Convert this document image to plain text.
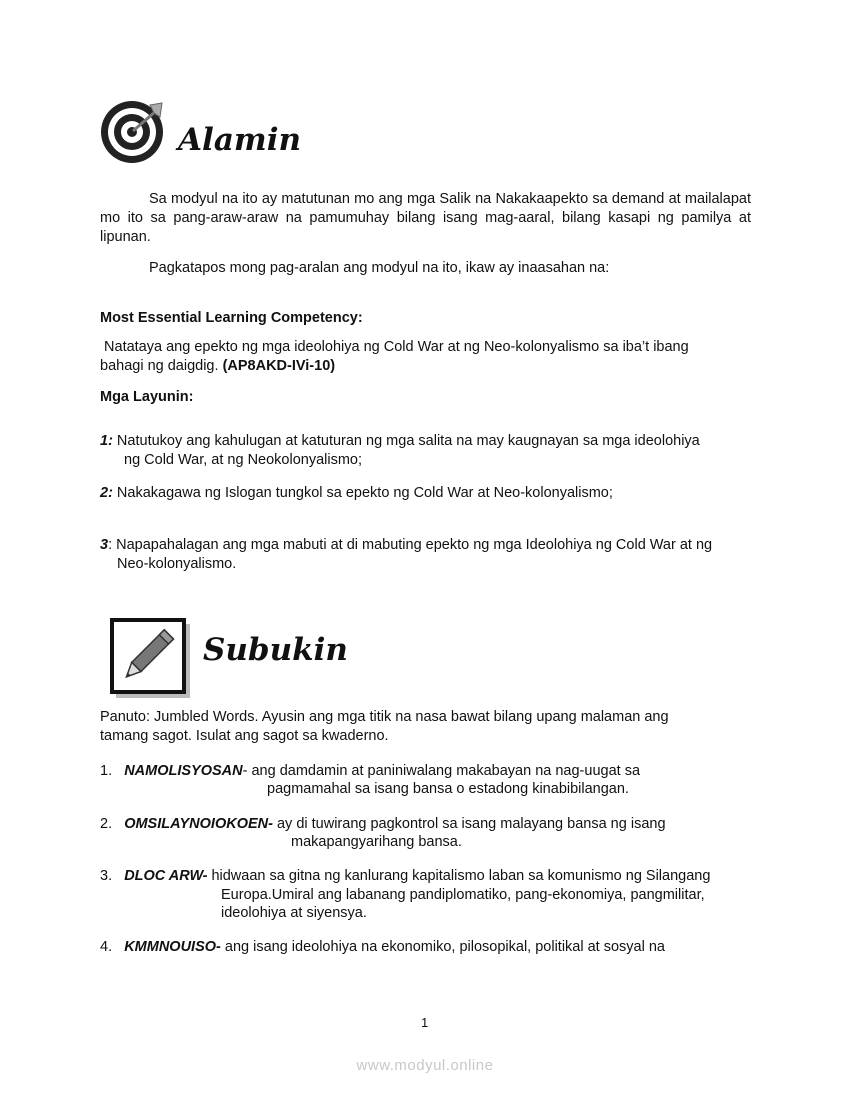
Alamin
Sa modyul na ito ay matutunan mo ang mga Salik na Nakakaapekto sa demand at mailalapat mo ito sa pang-araw-araw na pamumuhay bilang isang mag-aaral, bilang kasapi ng pamilya at lipunan.
Pagkatapos mong pag-aralan ang modyul na ito, ikaw ay inaasahan na:
Most Essential Learning Competency:
Natataya ang epekto ng mga ideolohiya ng Cold War at ng Neo-kolonyalismo sa iba’t ibang
bahagi ng daigdig. (AP8AKD-IVi-10)
Mga Layunin:
1: Natutukoy ang kahulugan at katuturan ng mga salita na may kaugnayan sa mga ideolohiya
ng Cold War, at ng Neokolonyalismo;
2: Nakakagawa ng Islogan tungkol sa epekto ng Cold War at Neo-kolonyalismo;
3: Napapahalagan ang mga mabuti at di mabuting epekto ng mga Ideolohiya ng Cold War at ng
Neo-kolonyalismo.
Subukin
Panuto: Jumbled Words. Ayusin ang mga titik na nasa bawat bilang upang malaman ang
tamang sagot. Isulat ang sagot sa kwaderno.
1. NAMOLISYOSAN- ang damdamin at paniniwalang makabayan na nag-uugat sa
pagmamahal sa isang bansa o estadong kinabibilangan.
2. OMSILAYNOIOKOEN- ay di tuwirang pagkontrol sa isang malayang bansa ng isang
makapangyarihang bansa.
3. DLOC ARW- hidwaan sa gitna ng kanlurang kapitalismo laban sa komunismo ng Silangang
Europa.Umiral ang labanang pandiplomatiko, pang-ekonomiya, pangmilitar,
ideolohiya at siyensya.
4. KMMNOUISO- ang isang ideolohiya na ekonomiko, pilosopikal, politikal at sosyal na
1
www.modyul.online
